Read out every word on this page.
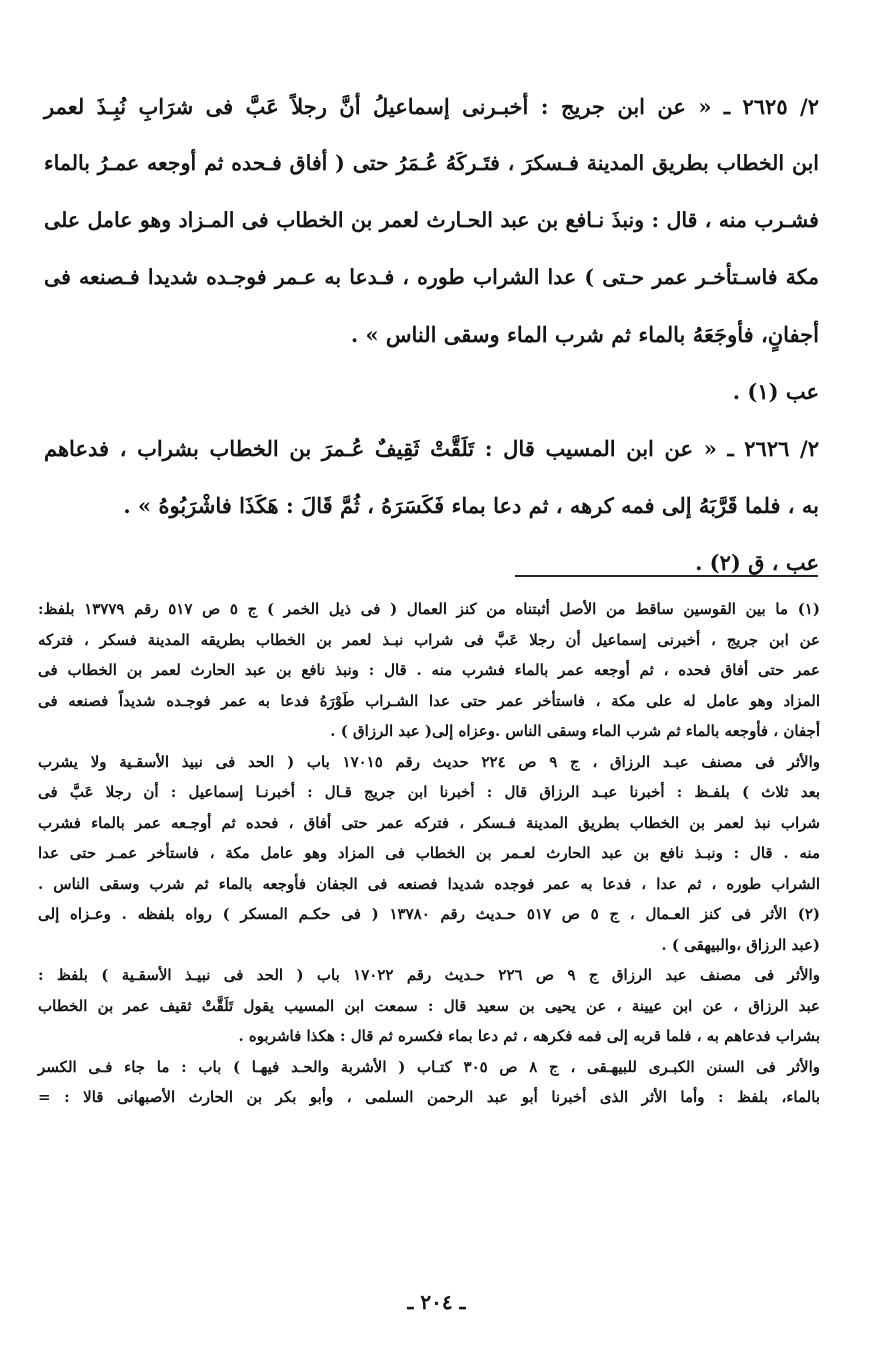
٢/ ٢٦٢٥ ـ « عن ابن جريج : أخبـرنى إسماعيلُ أنَّ رجلاً عَبَّ فى شرَابِ نُبِـذَ لعمر
ابن الخطاب بطريق المدينة فـسكرَ ، فتَـركَهُ عُـمَرُ حتى ( أفاق فـحده ثم أوجعه عمـرُ بالماء
فشـرب منه ، قال : ونبذَ نـافع بن عبد الحـارث لعمر بن الخطاب فى المـزاد وهو عامل على
مكة فاسـتأخـر عمر حـتى ) عدا الشراب طوره ، فـدعا به عـمر فوجـده شديدا فـصنعه فى
أجفانٍ، فأوجَعَهُ بالماء ثم شرب الماء وسقى الناس » .
عب (١) .
٢/ ٢٦٢٦ ـ « عن ابن المسيب قال : تَلَقَّتْ ثَقِيفٌ عُـمرَ بن الخطاب بشراب ، فدعاهم
به ، فلما قَرَّبَهُ إلى فمه كرهه ، ثم دعا بماء فَكَسَرَهُ ، ثُمَّ قَالَ : هَكَذَا فاشْرَبُوهُ » .
عب ، ق (٢) .
(١) ما بين القوسين ساقط من الأصل أثبتناه من كنز العمال ( فى ذيل الخمر ) ج ٥ ص ٥١٧ رقم ١٣٧٧٩ بلفظ:
عن ابن جريج ، أخبرنى إسماعيل أن رجلا عَبَّ فى شراب نبـذ لعمر بن الخطاب بطريقه المدينة فسكر ، فتركه
عمر حتى أفاق فحده ، ثم أوجعه عمر بالماء فشرب منه . قال : ونبذ نافع بن عبد الحارث لعمر بن الخطاب فى
المزاد وهو عامل له على مكة ، فاستأخر عمر حتى عدا الشـراب طَوْرَهُ فدعا به عمر فوجـده شديداً فصنعه فى
أجفان ، فأوجعه بالماء ثم شرب الماء وسقى الناس .وعزاه إلى( عبد الرزاق ) .
والأثر فى مصنف عبـد الرزاق ، ج ٩ ص ٢٢٤ حديث رقم ١٧٠١٥ باب ( الحد فى نبيذ الأسقـية ولا يشرب
بعد ثلاث ) بلفـظ : أخبرنا عبـد الرزاق قال : أخبرنا ابن جريج قـال : أخبرنـا إسماعيل : أن رجلا عَبَّ فى
شراب نبذ لعمر بن الخطاب بطريق المدينة فـسكر ، فتركه عمر حتى أفاق ، فحده ثم أوجـعه عمر بالماء فشرب
منه . قال : ونبـذ نافع بن عبد الحارث لعـمر بن الخطاب فى المزاد وهو عامل مكة ، فاستأخر عمـر حتى عدا
الشراب طوره ، ثم عدا ، فدعا به عمر فوجده شديدا فصنعه فى الجفان فأوجعه بالماء ثم شرب وسقى الناس .
(٢) الأثر فى كنز العـمال ، ج ٥ ص ٥١٧ حـديث رقم ١٣٧٨٠ ( فى حكـم المسكر ) رواه بلفظه . وعـزاه إلى
(عبد الرزاق ،والبيهقى ) .
والأثر فى مصنف عبد الرزاق ج ٩ ص ٢٢٦ حـديث رقم ١٧٠٢٢ باب ( الحد فى نبيـذ الأسقـية ) بلفظ :
عبد الرزاق ، عن ابن عيينة ، عن يحيى بن سعيد قال : سمعت ابن المسيب يقول تَلَقَّتْ ثقيف عمر بن الخطاب
بشراب فدعاهم به ، فلما قربه إلى فمه فكرهه ، ثم دعا بماء فكسره ثم قال : هكذا فاشربوه .
والأثر فى السنن الكبـرى للبيهـقى ، ج ٨ ص ٣٠٥ كتـاب ( الأشربة والحـد فيهـا ) باب : ما جاء فـى الكسر
بالماء، بلفظ : وأما الأثر الذى أخبرنا أبو عبد الرحمن السلمى ، وأبو بكر بن الحارث الأصبهانى قالا : =
ـ ٢٠٤ ـ
